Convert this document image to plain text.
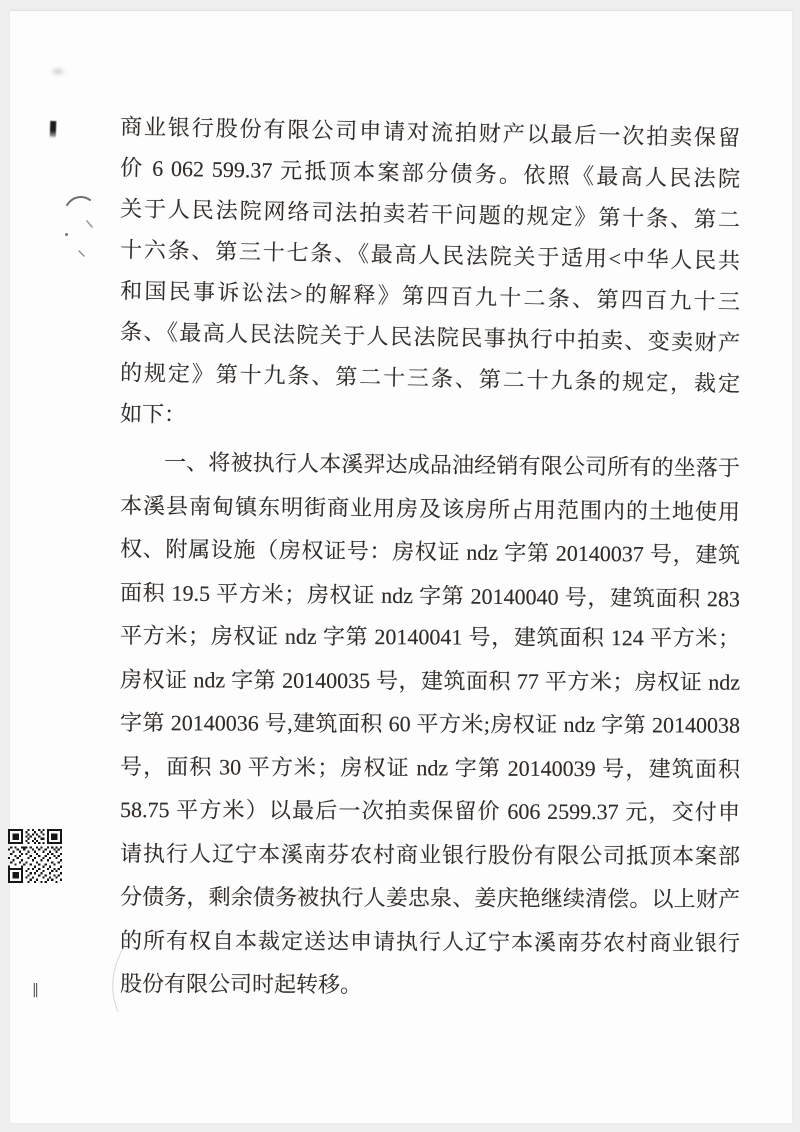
商业银行股份有限公司申请对流拍财产以最后一次拍卖保留
价 6 062 599.37 元抵顶本案部分债务。依照《最高人民法院
关于人民法院网络司法拍卖若干问题的规定》第十条、第二
十六条、第三十七条、《最高人民法院关于适用<中华人民共
和国民事诉讼法>的解释》第四百九十二条、第四百九十三
条、《最高人民法院关于人民法院民事执行中拍卖、变卖财产
的规定》第十九条、第二十三条、第二十九条的规定，裁定
如下：
一、将被执行人本溪羿达成品油经销有限公司所有的坐落于
本溪县南甸镇东明街商业用房及该房所占用范围内的土地使用
权、附属设施（房权证号：房权证 ndz 字第 20140037 号，建筑
面积 19.5 平方米；房权证 ndz 字第 20140040 号，建筑面积 283
平方米；房权证 ndz 字第 20140041 号，建筑面积 124 平方米；
房权证 ndz 字第 20140035 号，建筑面积 77 平方米；房权证 ndz
字第 20140036 号,建筑面积 60 平方米;房权证 ndz 字第 20140038
号，面积 30 平方米；房权证 ndz 字第 20140039 号，建筑面积
58.75 平方米）以最后一次拍卖保留价 606 2599.37 元，交付申
请执行人辽宁本溪南芬农村商业银行股份有限公司抵顶本案部
分债务，剩余债务被执行人姜忠泉、姜庆艳继续清偿。以上财产
的所有权自本裁定送达申请执行人辽宁本溪南芬农村商业银行
股份有限公司时起转移。
‖
